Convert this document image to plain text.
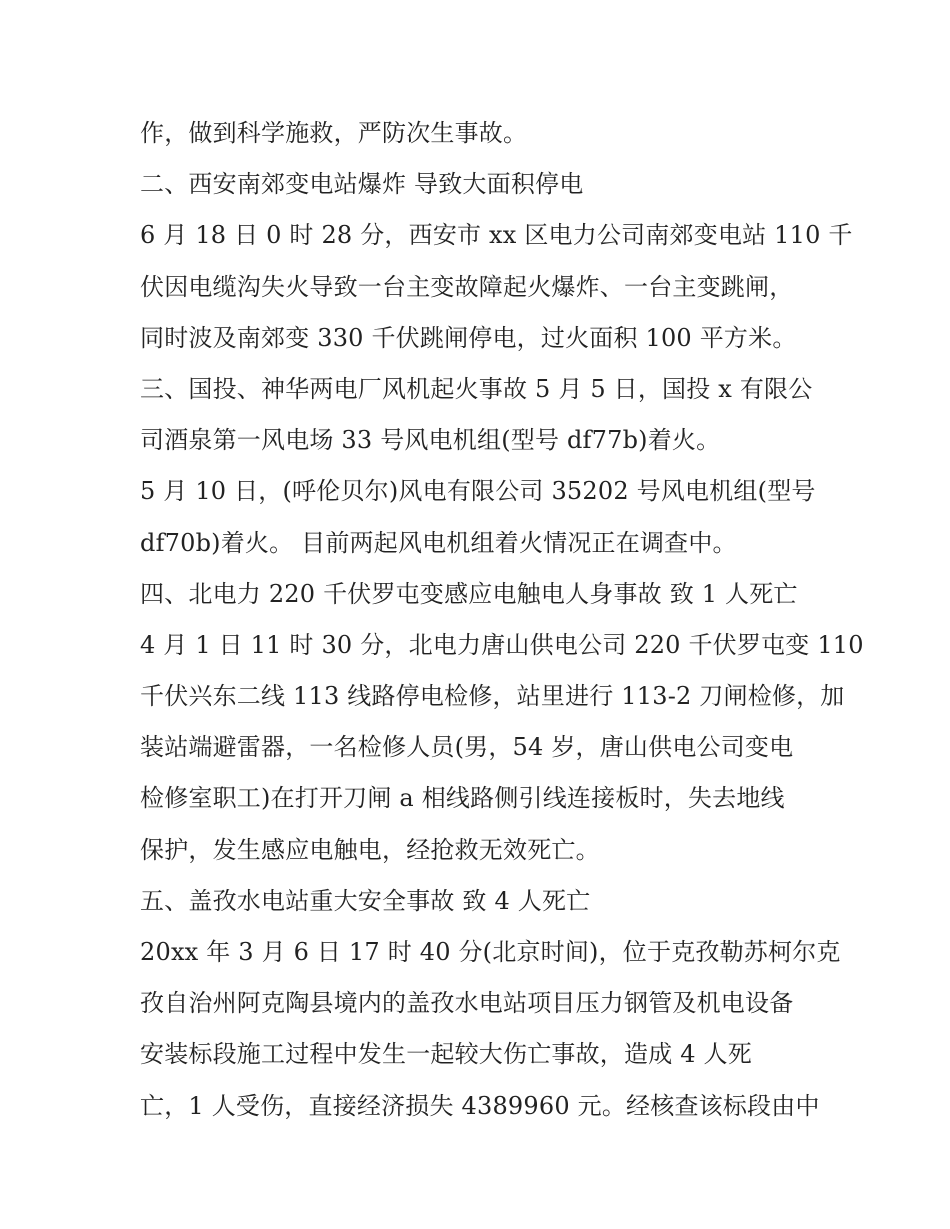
作，做到科学施救，严防次生事故。
二、西安南郊变电站爆炸 导致大面积停电
6 月 18 日 0 时 28 分，西安市 xx 区电力公司南郊变电站 110 千
伏因电缆沟失火导致一台主变故障起火爆炸、一台主变跳闸，
同时波及南郊变 330 千伏跳闸停电，过火面积 100 平方米。
三、国投、神华两电厂风机起火事故 5 月 5 日，国投 x 有限公
司酒泉第一风电场 33 号风电机组(型号 df77b)着火。
5 月 10 日，(呼伦贝尔)风电有限公司 35202 号风电机组(型号
df70b)着火。 目前两起风电机组着火情况正在调查中。
四、北电力 220 千伏罗屯变感应电触电人身事故 致 1 人死亡
4 月 1 日 11 时 30 分，北电力唐山供电公司 220 千伏罗屯变 110
千伏兴东二线 113 线路停电检修，站里进行 113-2 刀闸检修，加
装站端避雷器，一名检修人员(男，54 岁，唐山供电公司变电
检修室职工)在打开刀闸 a 相线路侧引线连接板时，失去地线
保护，发生感应电触电，经抢救无效死亡。
五、盖孜水电站重大安全事故 致 4 人死亡
20xx 年 3 月 6 日 17 时 40 分(北京时间)，位于克孜勒苏柯尔克
孜自治州阿克陶县境内的盖孜水电站项目压力钢管及机电设备
安装标段施工过程中发生一起较大伤亡事故，造成 4 人死
亡，1 人受伤，直接经济损失 4389960 元。经核查该标段由中
